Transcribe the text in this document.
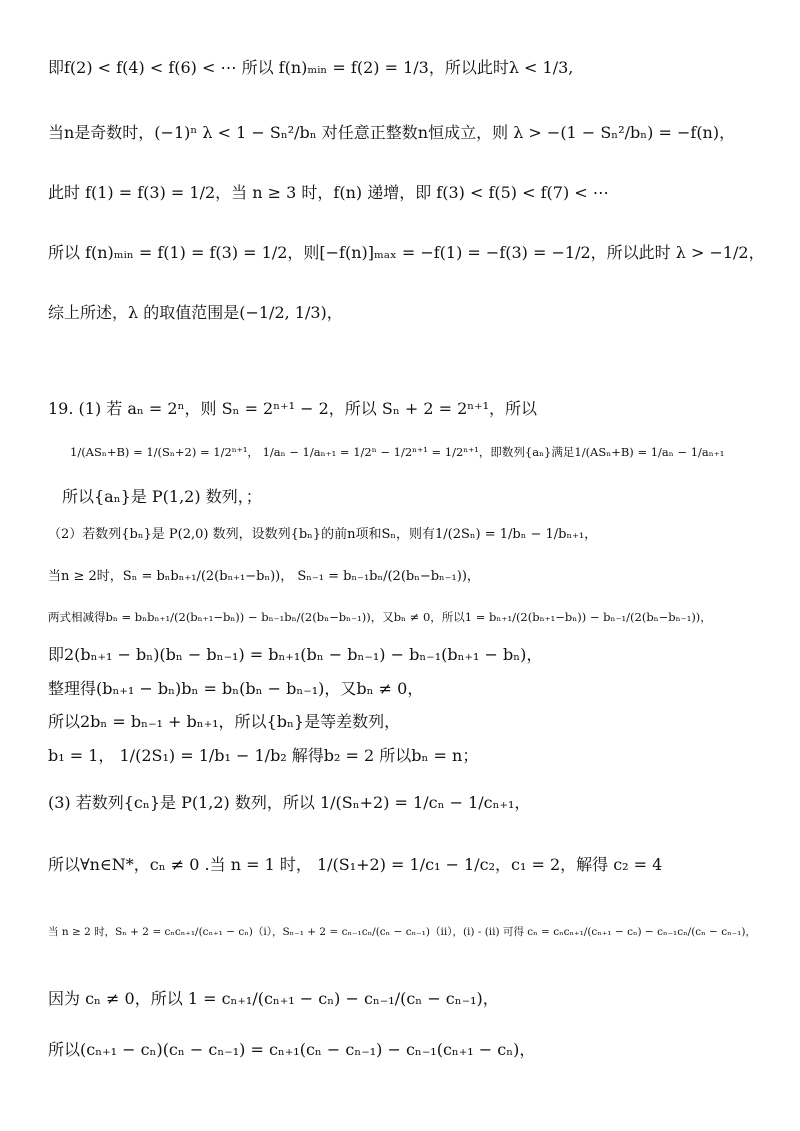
即f(2) < f(4) < f(6) < ⋯ 所以 f(n)ₘᵢₙ = f(2) = 1/3，所以此时λ < 1/3,
当n是奇数时，(−1)ⁿ λ < 1 − Sₙ²/bₙ 对任意正整数n恒成立，则 λ > −(1 − Sₙ²/bₙ) = −f(n)，
此时 f(1) = f(3) = 1/2，当 n ≥ 3 时，f(n) 递增，即 f(3) < f(5) < f(7) < ⋯
所以 f(n)ₘᵢₙ = f(1) = f(3) = 1/2，则[−f(n)]ₘₐₓ = −f(1) = −f(3) = −1/2，所以此时 λ > −1/2，
综上所述，λ 的取值范围是(−1/2, 1/3)，
19. (1) 若 aₙ = 2ⁿ，则 Sₙ = 2ⁿ⁺¹ − 2，所以 Sₙ + 2 = 2ⁿ⁺¹，所以
1/(ASₙ+B) = 1/(Sₙ+2) = 1/2ⁿ⁺¹， 1/aₙ − 1/aₙ₊₁ = 1/2ⁿ − 1/2ⁿ⁺¹ = 1/2ⁿ⁺¹，即数列{aₙ}满足1/(ASₙ+B) = 1/aₙ − 1/aₙ₊₁
所以{aₙ}是 P(1,2) 数列，；
（2）若数列{bₙ}是 P(2,0) 数列，设数列{bₙ}的前n项和Sₙ，则有1/(2Sₙ) = 1/bₙ − 1/bₙ₊₁，
当n ≥ 2时，Sₙ = bₙbₙ₊₁/(2(bₙ₊₁−bₙ))， Sₙ₋₁ = bₙ₋₁bₙ/(2(bₙ−bₙ₋₁))，
两式相减得bₙ = bₙbₙ₊₁/(2(bₙ₊₁−bₙ)) − bₙ₋₁bₙ/(2(bₙ−bₙ₋₁))，又bₙ ≠ 0，所以1 = bₙ₊₁/(2(bₙ₊₁−bₙ)) − bₙ₋₁/(2(bₙ−bₙ₋₁))，
即2(bₙ₊₁ − bₙ)(bₙ − bₙ₋₁) = bₙ₊₁(bₙ − bₙ₋₁) − bₙ₋₁(bₙ₊₁ − bₙ)，
整理得(bₙ₊₁ − bₙ)bₙ = bₙ(bₙ − bₙ₋₁)，又bₙ ≠ 0，
所以2bₙ = bₙ₋₁ + bₙ₊₁，所以{bₙ}是等差数列，
b₁ = 1， 1/(2S₁) = 1/b₁ − 1/b₂ 解得b₂ = 2 所以bₙ = n；
(3) 若数列{cₙ}是 P(1,2) 数列，所以 1/(Sₙ+2) = 1/cₙ − 1/cₙ₊₁，
所以∀n∈N*，cₙ ≠ 0 .当 n = 1 时， 1/(S₁+2) = 1/c₁ − 1/c₂，c₁ = 2，解得 c₂ = 4
当 n ≥ 2 时，Sₙ + 2 = cₙcₙ₊₁/(cₙ₊₁ − cₙ)（i），Sₙ₋₁ + 2 = cₙ₋₁cₙ/(cₙ − cₙ₋₁)（ii），(i) - (ii) 可得 cₙ = cₙcₙ₊₁/(cₙ₊₁ − cₙ) − cₙ₋₁cₙ/(cₙ − cₙ₋₁)，
因为 cₙ ≠ 0，所以 1 = cₙ₊₁/(cₙ₊₁ − cₙ) − cₙ₋₁/(cₙ − cₙ₋₁)，
所以(cₙ₊₁ − cₙ)(cₙ − cₙ₋₁) = cₙ₊₁(cₙ − cₙ₋₁) − cₙ₋₁(cₙ₊₁ − cₙ)，
